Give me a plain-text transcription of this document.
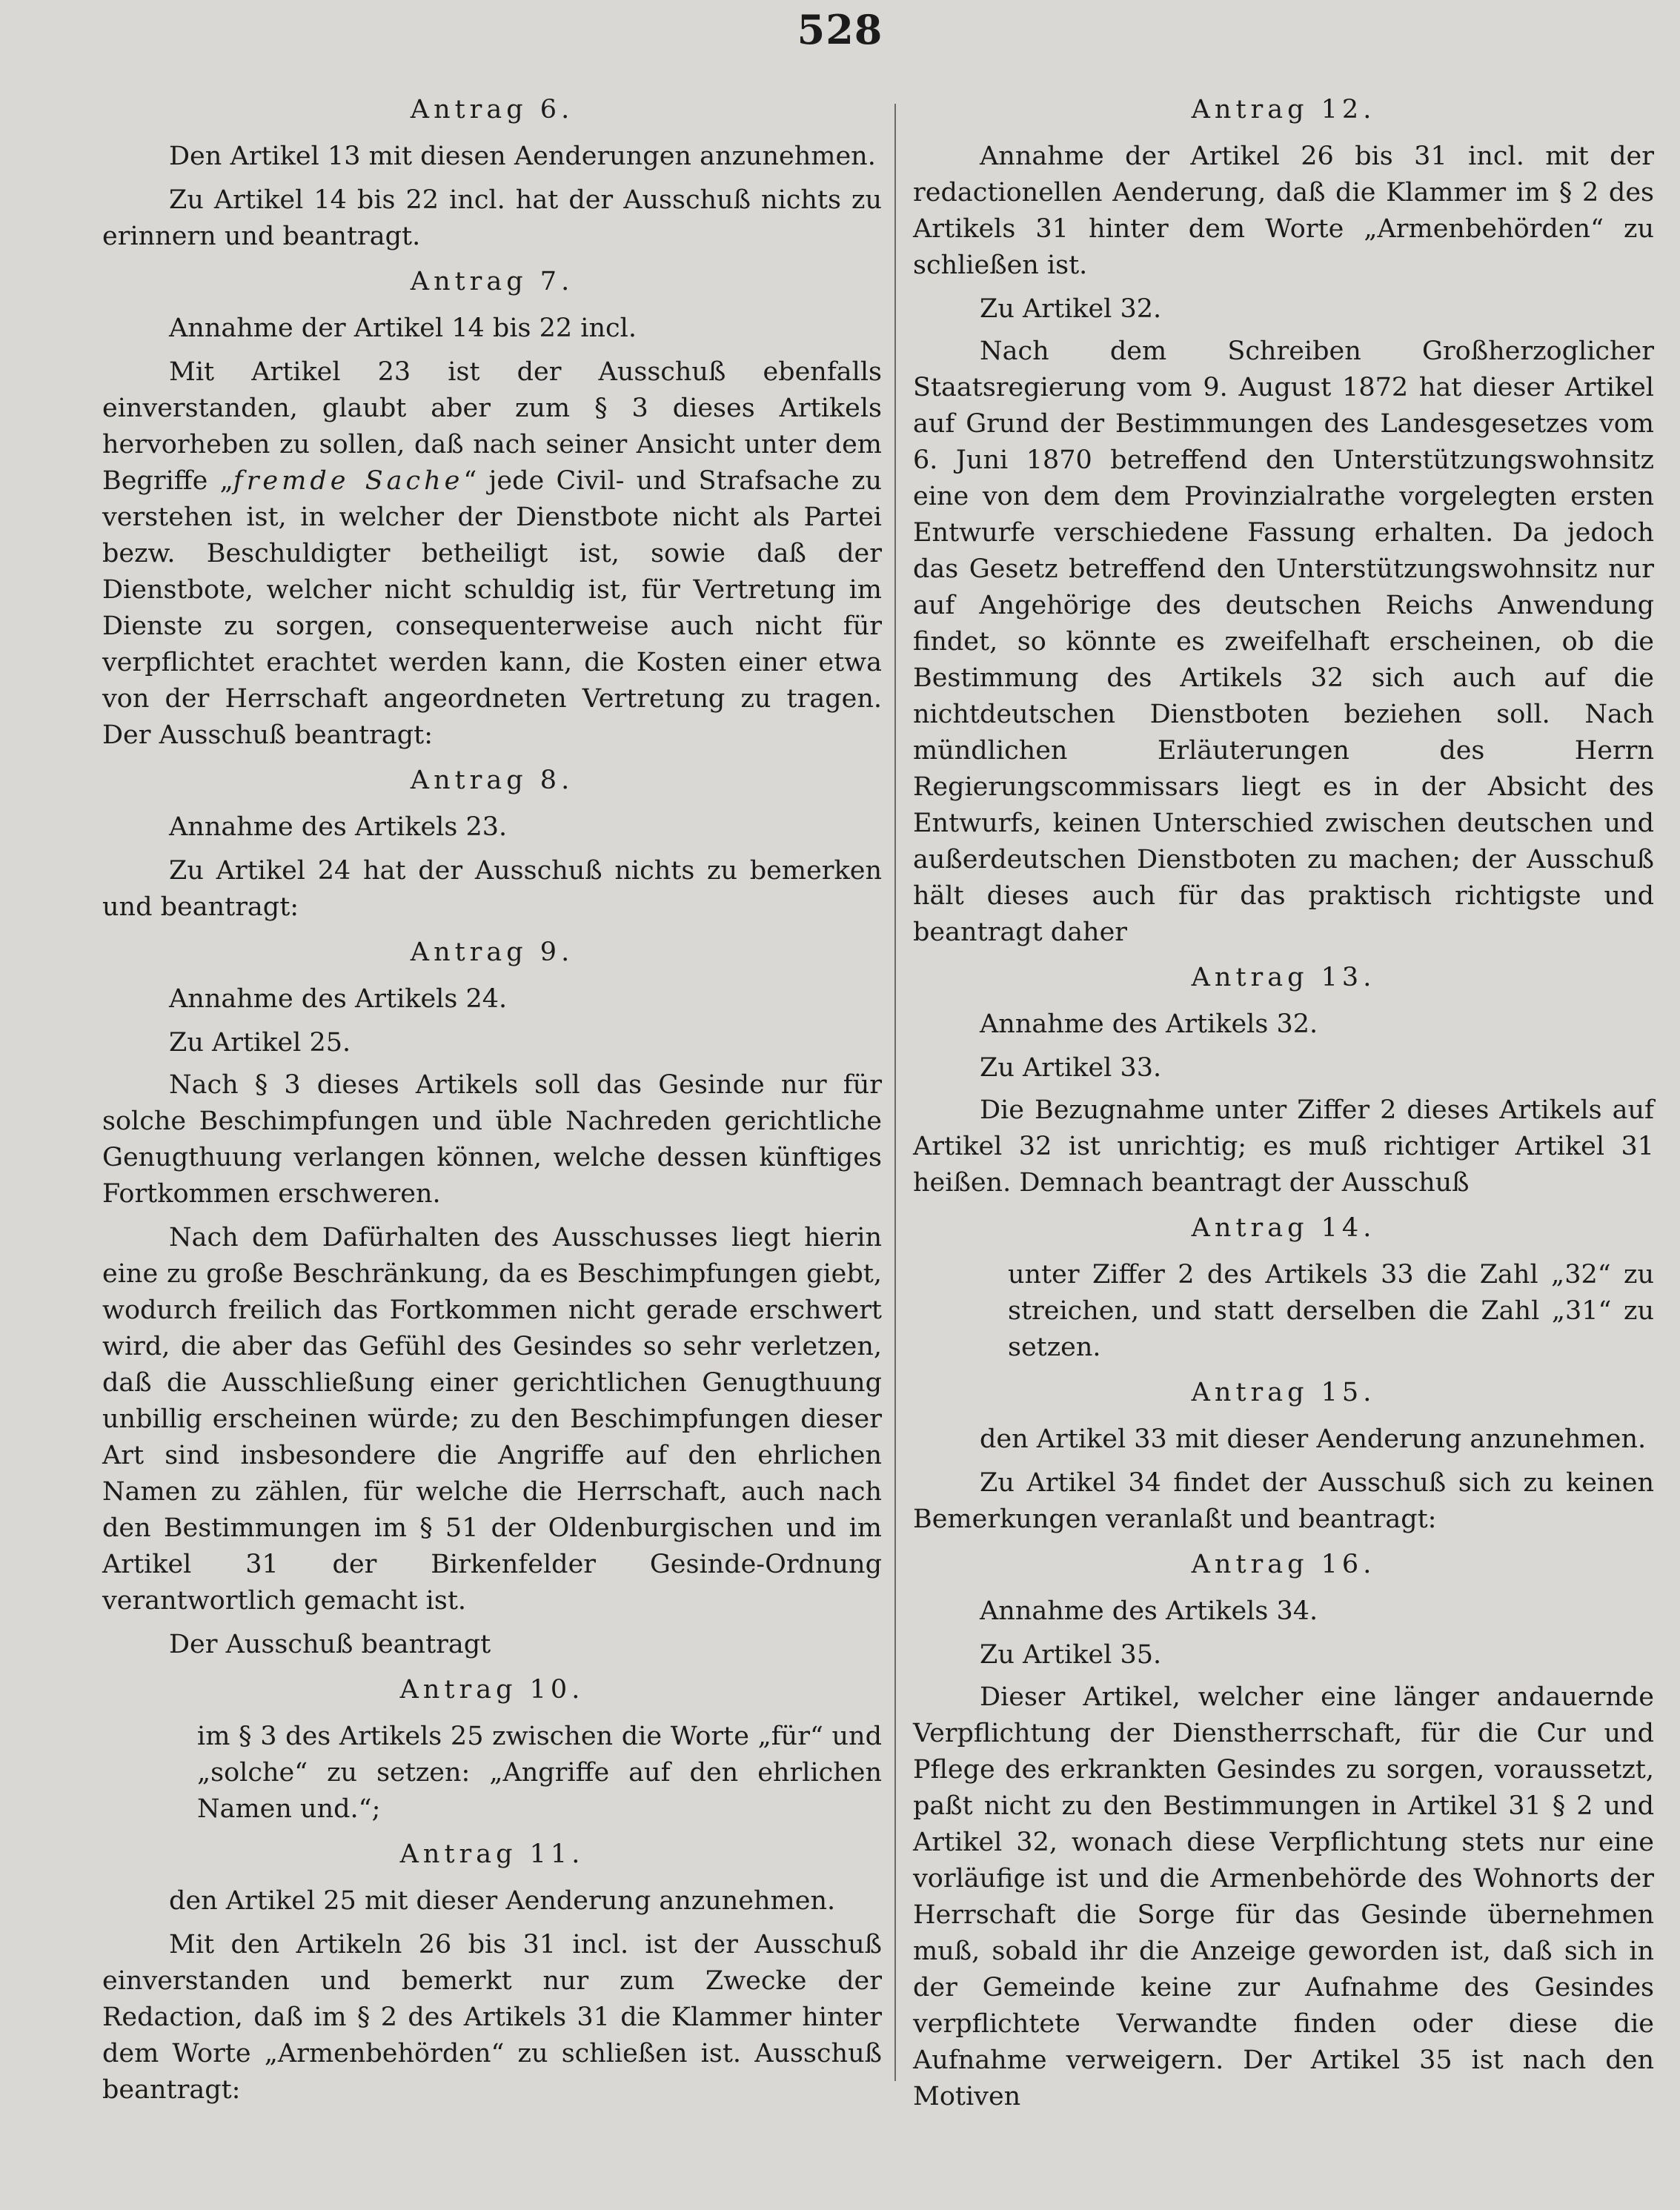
528
Antrag 6.
Den Artikel 13 mit diesen Aenderungen anzunehmen.
Zu Artikel 14 bis 22 incl. hat der Ausschuß nichts zu erinnern und beantragt.
Antrag 7.
Annahme der Artikel 14 bis 22 incl.
Mit Artikel 23 ist der Ausschuß ebenfalls einverstanden, glaubt aber zum § 3 dieses Artikels hervorheben zu sollen, daß nach seiner Ansicht unter dem Begriffe „fremde Sache“ jede Civil- und Strafsache zu verstehen ist, in welcher der Dienstbote nicht als Partei bezw. Beschuldigter betheiligt ist, sowie daß der Dienstbote, welcher nicht schuldig ist, für Vertretung im Dienste zu sorgen, consequenterweise auch nicht für verpflichtet erachtet werden kann, die Kosten einer etwa von der Herrschaft angeordneten Vertretung zu tragen. Der Ausschuß beantragt:
Antrag 8.
Annahme des Artikels 23.
Zu Artikel 24 hat der Ausschuß nichts zu bemerken und beantragt:
Antrag 9.
Annahme des Artikels 24.
Zu Artikel 25.
Nach § 3 dieses Artikels soll das Gesinde nur für solche Beschimpfungen und üble Nachreden gerichtliche Genugthuung verlangen können, welche dessen künftiges Fortkommen erschweren.
Nach dem Dafürhalten des Ausschusses liegt hierin eine zu große Beschränkung, da es Beschimpfungen giebt, wodurch freilich das Fortkommen nicht gerade erschwert wird, die aber das Gefühl des Gesindes so sehr verletzen, daß die Ausschließung einer gerichtlichen Genugthuung unbillig erscheinen würde; zu den Beschimpfungen dieser Art sind insbesondere die Angriffe auf den ehrlichen Namen zu zählen, für welche die Herrschaft, auch nach den Bestimmungen im § 51 der Oldenburgischen und im Artikel 31 der Birkenfelder Gesinde-Ordnung verantwortlich gemacht ist.
Der Ausschuß beantragt
Antrag 10.
im § 3 des Artikels 25 zwischen die Worte „für“ und „solche“ zu setzen: „Angriffe auf den ehrlichen Namen und.“;
Antrag 11.
den Artikel 25 mit dieser Aenderung anzunehmen.
Mit den Artikeln 26 bis 31 incl. ist der Ausschuß einverstanden und bemerkt nur zum Zwecke der Redaction, daß im § 2 des Artikels 31 die Klammer hinter dem Worte „Armenbehörden“ zu schließen ist. Ausschuß beantragt:
Antrag 12.
Annahme der Artikel 26 bis 31 incl. mit der redactionellen Aenderung, daß die Klammer im § 2 des Artikels 31 hinter dem Worte „Armenbehörden“ zu schließen ist.
Zu Artikel 32.
Nach dem Schreiben Großherzoglicher Staatsregierung vom 9. August 1872 hat dieser Artikel auf Grund der Bestimmungen des Landesgesetzes vom 6. Juni 1870 betreffend den Unterstützungswohnsitz eine von dem dem Provinzialrathe vorgelegten ersten Entwurfe verschiedene Fassung erhalten. Da jedoch das Gesetz betreffend den Unterstützungswohnsitz nur auf Angehörige des deutschen Reichs Anwendung findet, so könnte es zweifelhaft erscheinen, ob die Bestimmung des Artikels 32 sich auch auf die nichtdeutschen Dienstboten beziehen soll. Nach mündlichen Erläuterungen des Herrn Regierungscommissars liegt es in der Absicht des Entwurfs, keinen Unterschied zwischen deutschen und außerdeutschen Dienstboten zu machen; der Ausschuß hält dieses auch für das praktisch richtigste und beantragt daher
Antrag 13.
Annahme des Artikels 32.
Zu Artikel 33.
Die Bezugnahme unter Ziffer 2 dieses Artikels auf Artikel 32 ist unrichtig; es muß richtiger Artikel 31 heißen. Demnach beantragt der Ausschuß
Antrag 14.
unter Ziffer 2 des Artikels 33 die Zahl „32“ zu streichen, und statt derselben die Zahl „31“ zu setzen.
Antrag 15.
den Artikel 33 mit dieser Aenderung anzunehmen.
Zu Artikel 34 findet der Ausschuß sich zu keinen Bemerkungen veranlaßt und beantragt:
Antrag 16.
Annahme des Artikels 34.
Zu Artikel 35.
Dieser Artikel, welcher eine länger andauernde Verpflichtung der Dienstherrschaft, für die Cur und Pflege des erkrankten Gesindes zu sorgen, voraussetzt, paßt nicht zu den Bestimmungen in Artikel 31 § 2 und Artikel 32, wonach diese Verpflichtung stets nur eine vorläufige ist und die Armenbehörde des Wohnorts der Herrschaft die Sorge für das Gesinde übernehmen muß, sobald ihr die Anzeige geworden ist, daß sich in der Gemeinde keine zur Aufnahme des Gesindes verpflichtete Verwandte finden oder diese die Aufnahme verweigern. Der Artikel 35 ist nach den Motiven
